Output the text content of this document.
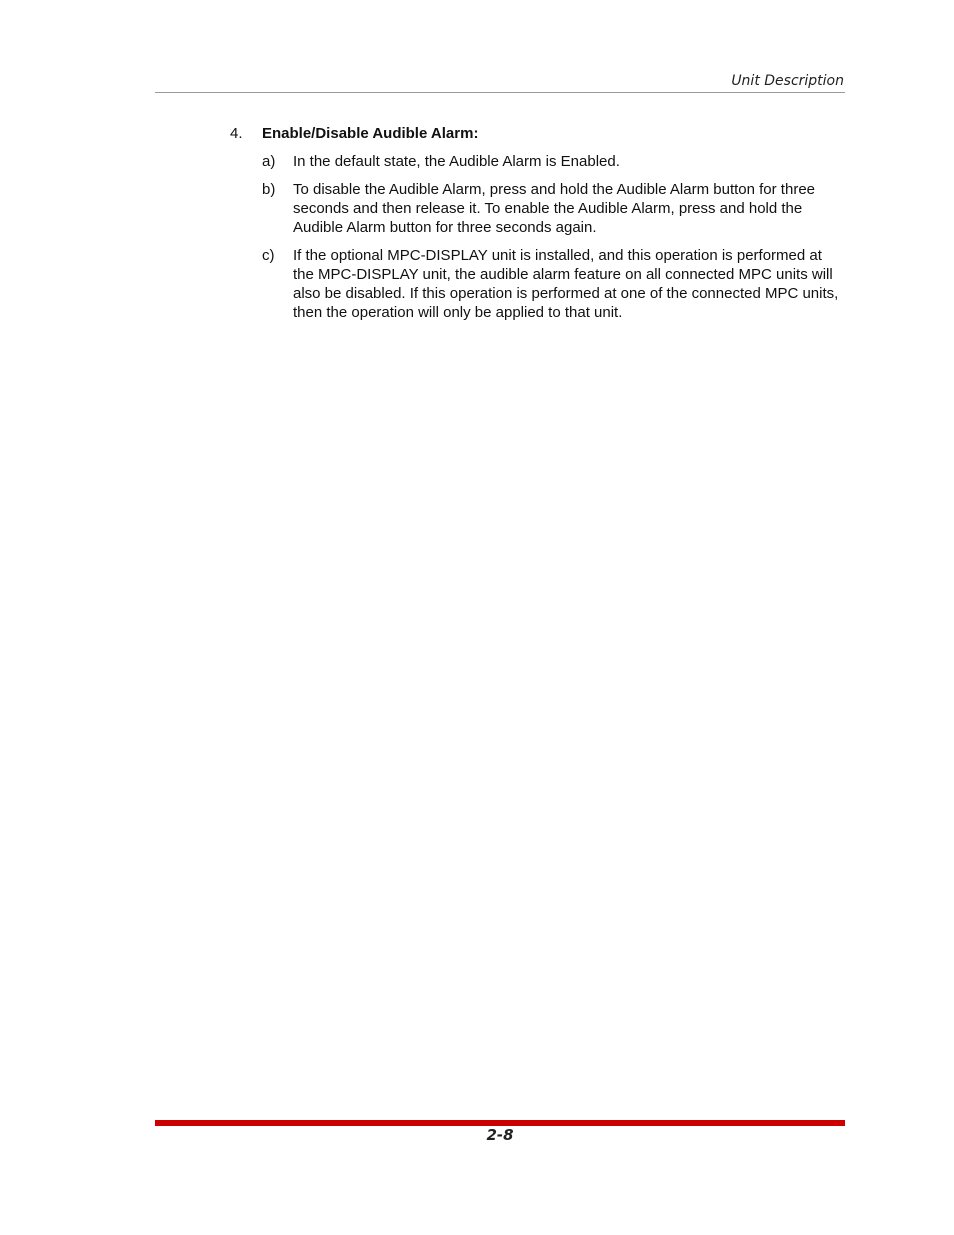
Unit Description
4. Enable/Disable Audible Alarm:
a) In the default state, the Audible Alarm is Enabled.
b) To disable the Audible Alarm, press and hold the Audible Alarm button for three seconds and then release it. To enable the Audible Alarm, press and hold the Audible Alarm button for three seconds again.
c) If the optional MPC-DISPLAY unit is installed, and this operation is performed at the MPC-DISPLAY unit, the audible alarm feature on all connected MPC units will also be disabled. If this operation is performed at one of the connected MPC units, then the operation will only be applied to that unit.
2-8
